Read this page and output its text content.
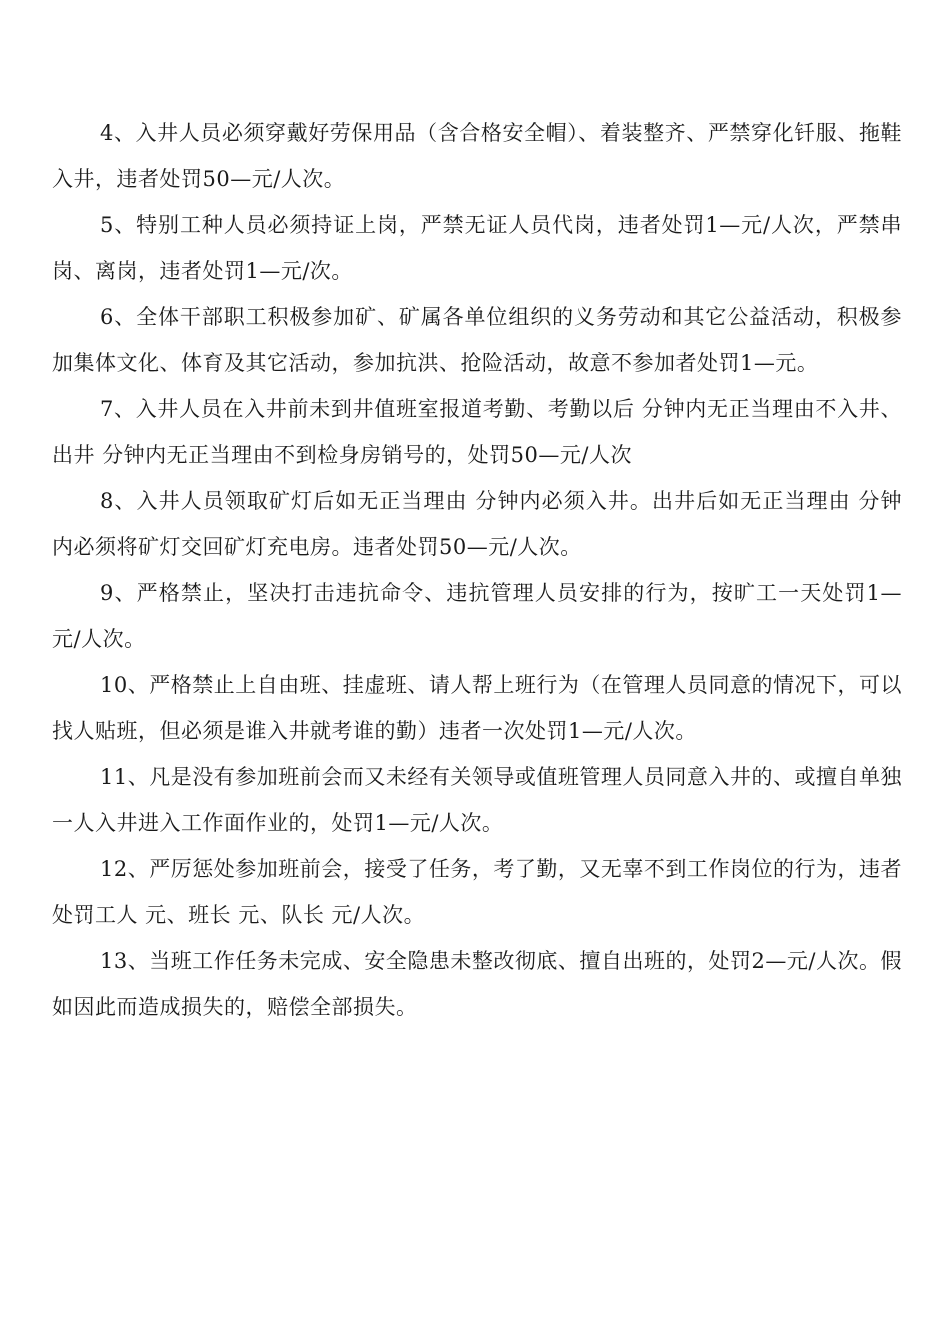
4、入井人员必须穿戴好劳保用品（含合格安全帽）、着装整齐、严禁穿化钎服、拖鞋入井，违者处罚50—元/人次。

5、特别工种人员必须持证上岗，严禁无证人员代岗，违者处罚1—元/人次，严禁串岗、离岗，违者处罚1—元/次。

6、全体干部职工积极参加矿、矿属各单位组织的义务劳动和其它公益活动，积极参加集体文化、体育及其它活动，参加抗洪、抢险活动，故意不参加者处罚1—元。

7、入井人员在入井前未到井值班室报道考勤、考勤以后 分钟内无正当理由不入井、出井 分钟内无正当理由不到检身房销号的，处罚50—元/人次

8、入井人员领取矿灯后如无正当理由 分钟内必须入井。出井后如无正当理由 分钟内必须将矿灯交回矿灯充电房。违者处罚50—元/人次。

9、严格禁止，坚决打击违抗命令、违抗管理人员安排的行为，按旷工一天处罚1—元/人次。

10、严格禁止上自由班、挂虚班、请人帮上班行为（在管理人员同意的情况下，可以找人贴班，但必须是谁入井就考谁的勤）违者一次处罚1—元/人次。

11、凡是没有参加班前会而又未经有关领导或值班管理人员同意入井的、或擅自单独一人入井进入工作面作业的，处罚1—元/人次。

12、严厉惩处参加班前会，接受了任务，考了勤，又无辜不到工作岗位的行为，违者处罚工人 元、班长 元、队长 元/人次。

13、当班工作任务未完成、安全隐患未整改彻底、擅自出班的，处罚2—元/人次。假如因此而造成损失的，赔偿全部损失。
